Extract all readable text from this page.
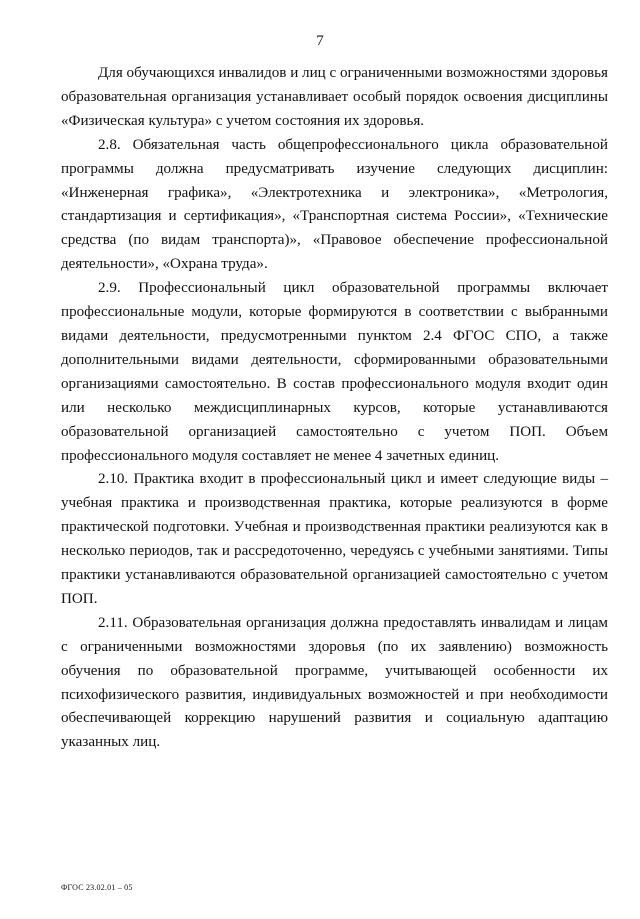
7

Для обучающихся инвалидов и лиц с ограниченными возможностями здоровья образовательная организация устанавливает особый порядок освоения дисциплины «Физическая культура» с учетом состояния их здоровья.

2.8. Обязательная часть общепрофессионального цикла образовательной программы должна предусматривать изучение следующих дисциплин: «Инженерная графика», «Электротехника и электроника», «Метрология, стандартизация и сертификация», «Транспортная система России», «Технические средства (по видам транспорта)», «Правовое обеспечение профессиональной деятельности», «Охрана труда».

2.9. Профессиональный цикл образовательной программы включает профессиональные модули, которые формируются в соответствии с выбранными видами деятельности, предусмотренными пунктом 2.4 ФГОС СПО, а также дополнительными видами деятельности, сформированными образовательными организациями самостоятельно. В состав профессионального модуля входит один или несколько междисциплинарных курсов, которые устанавливаются образовательной организацией самостоятельно с учетом ПОП. Объем профессионального модуля составляет не менее 4 зачетных единиц.

2.10. Практика входит в профессиональный цикл и имеет следующие виды – учебная практика и производственная практика, которые реализуются в форме практической подготовки. Учебная и производственная практики реализуются как в несколько периодов, так и рассредоточенно, чередуясь с учебными занятиями. Типы практики устанавливаются образовательной организацией самостоятельно с учетом ПОП.

2.11. Образовательная организация должна предоставлять инвалидам и лицам с ограниченными возможностями здоровья (по их заявлению) возможность обучения по образовательной программе, учитывающей особенности их психофизического развития, индивидуальных возможностей и при необходимости обеспечивающей коррекцию нарушений развития и социальную адаптацию указанных лиц.

ФГОС 23.02.01 – 05
